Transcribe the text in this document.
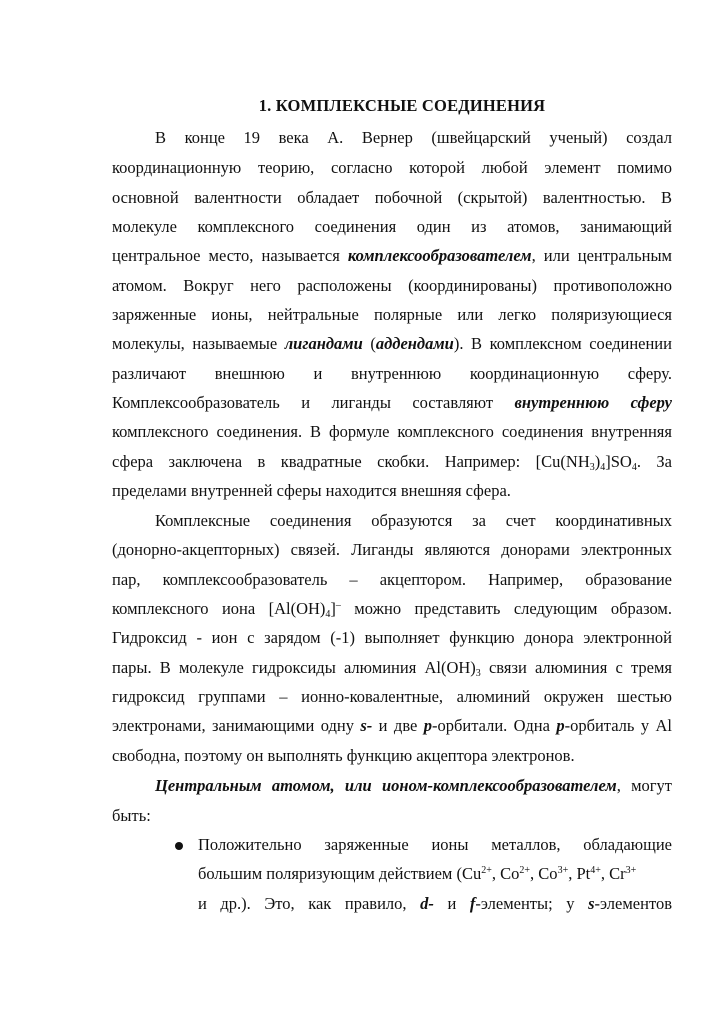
1. КОМПЛЕКСНЫЕ СОЕДИНЕНИЯ
В конце 19 века А. Вернер (швейцарский ученый) создал
координационную теорию, согласно которой любой элемент помимо
основной валентности обладает побочной (скрытой) валентностью. В
молекуле комплексного соединения один из атомов, занимающий
центральное место, называется комплексообразователем, или центральным
атомом. Вокруг него расположены (координированы) противоположно
заряженные ионы, нейтральные полярные или легко поляризующиеся
молекулы, называемые лигандами (аддендами). В комплексном соединении
различают внешнюю и внутреннюю координационную сферу.
Комплексообразователь и лиганды составляют внутреннюю сферу
комплексного соединения. В формуле комплексного соединения внутренняя
сфера заключена в квадратные скобки. Например: $[Cu(NH_3)_4]SO_4$. За
пределами внутренней сферы находится внешняя сфера.
Комплексные соединения образуются за счет координативных
(донорно-акцепторных) связей. Лиганды являются донорами электронных
пар, комплексообразователь – акцептором. Например, образование
комплексного иона $[Al(OH)_4]^-$ можно представить следующим образом.
Гидроксид - ион с зарядом (-1) выполняет функцию донора электронной
пары. В молекуле гидроксиды алюминия $Al(OH)_3$ связи алюминия с тремя
гидроксид группами – ионно-ковалентные, алюминий окружен шестью
электронами, занимающими одну s- и две p-орбитали. Одна p-орбиталь у Al
свободна, поэтому он выполнять функцию акцептора электронов.
Центральным атомом, или ионом-комплексообразователем, могут
быть:
Положительно заряженные ионы металлов, обладающие
большим поляризующим действием ($Cu^{2+}$, $Co^{2+}$, $Co^{3+}$, $Pt^{4+}$, $Cr^{3+}$
и др.). Это, как правило, d- и f-элементы; у s-элементов
